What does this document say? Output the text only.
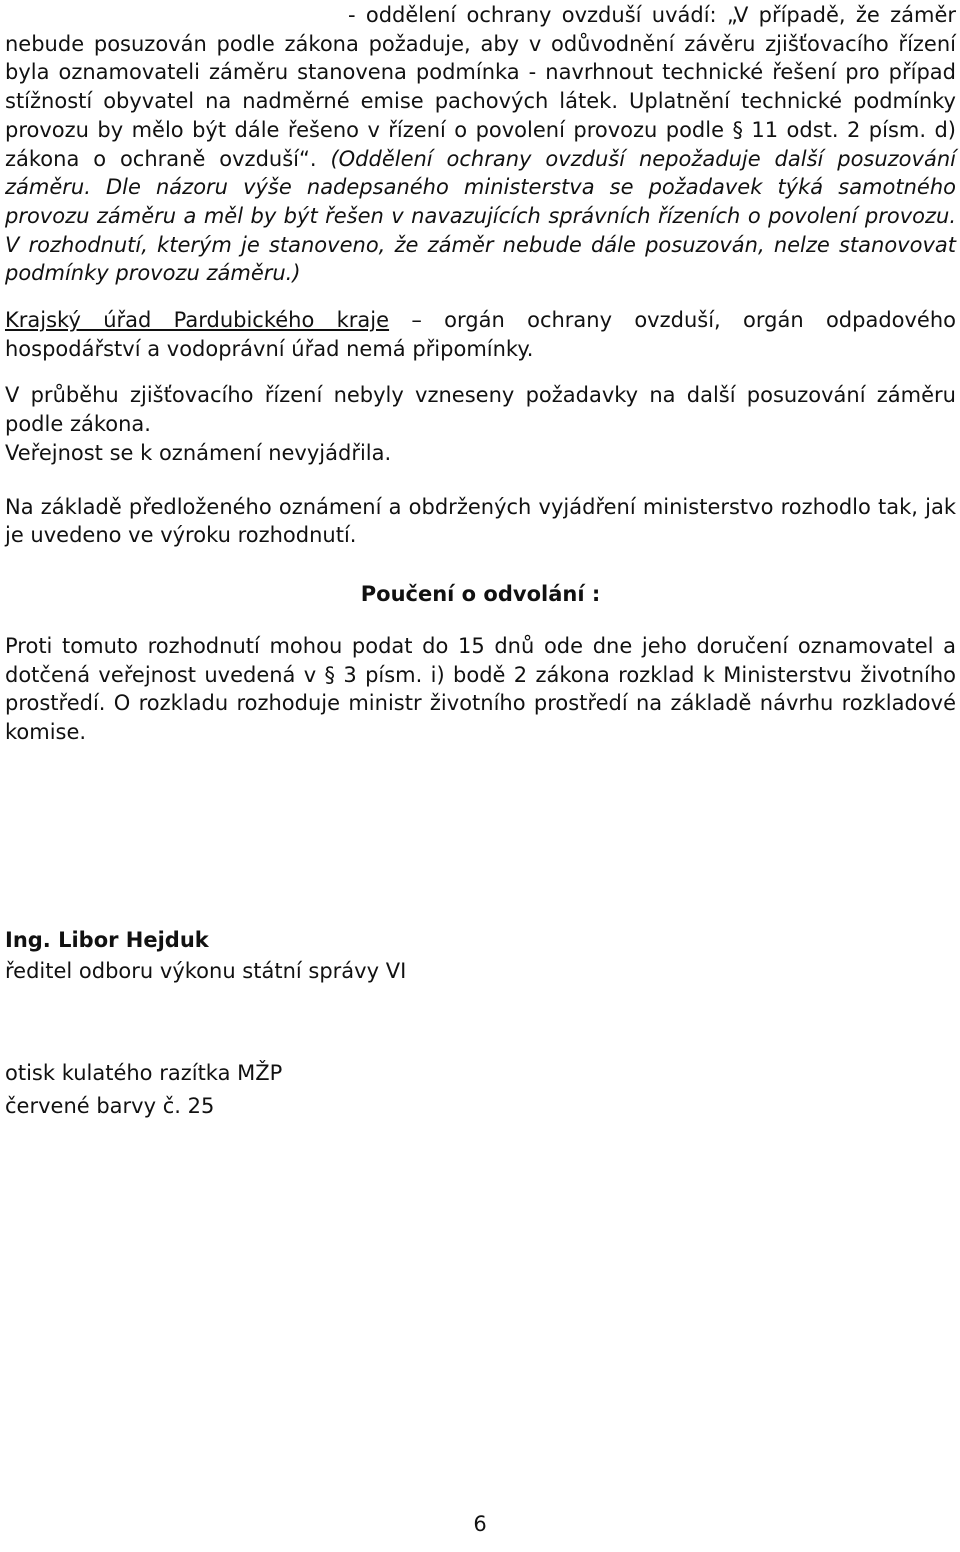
- oddělení ochrany ovzduší uvádí: „V případě, že záměr nebude posuzován podle zákona požaduje, aby v odůvodnění závěru zjišťovacího řízení byla oznamovateli záměru stanovena podmínka - navrhnout technické řešení pro případ stížností obyvatel na nadměrné emise pachových látek. Uplatnění technické podmínky provozu by mělo být dále řešeno v řízení o povolení provozu podle § 11 odst. 2 písm. d) zákona o ochraně ovzduší“. (Oddělení ochrany ovzduší nepožaduje další posuzování záměru. Dle názoru výše nadepsaného ministerstva se požadavek týká samotného provozu záměru a měl by být řešen v navazujících správních řízeních o povolení provozu. V rozhodnutí, kterým je stanoveno, že záměr nebude dále posuzován, nelze stanovovat podmínky provozu záměru.)

Krajský úřad Pardubického kraje – orgán ochrany ovzduší, orgán odpadového hospodářství a vodoprávní úřad nemá připomínky.

V průběhu zjišťovacího řízení nebyly vzneseny požadavky na další posuzování záměru podle zákona.

Veřejnost se k oznámení nevyjádřila.

Na základě předloženého oznámení a obdržených vyjádření ministerstvo rozhodlo tak, jak je uvedeno ve výroku rozhodnutí.

Poučení o odvolání :

Proti tomuto rozhodnutí mohou podat do 15 dnů ode dne jeho doručení oznamovatel a dotčená veřejnost uvedená v § 3 písm. i) bodě 2 zákona rozklad k Ministerstvu životního prostředí. O rozkladu rozhoduje ministr životního prostředí na základě návrhu rozkladové komise.

Ing. Libor Hejduk
ředitel odboru výkonu státní správy VI
otisk kulatého razítka MŽP
červené barvy č. 25
6
